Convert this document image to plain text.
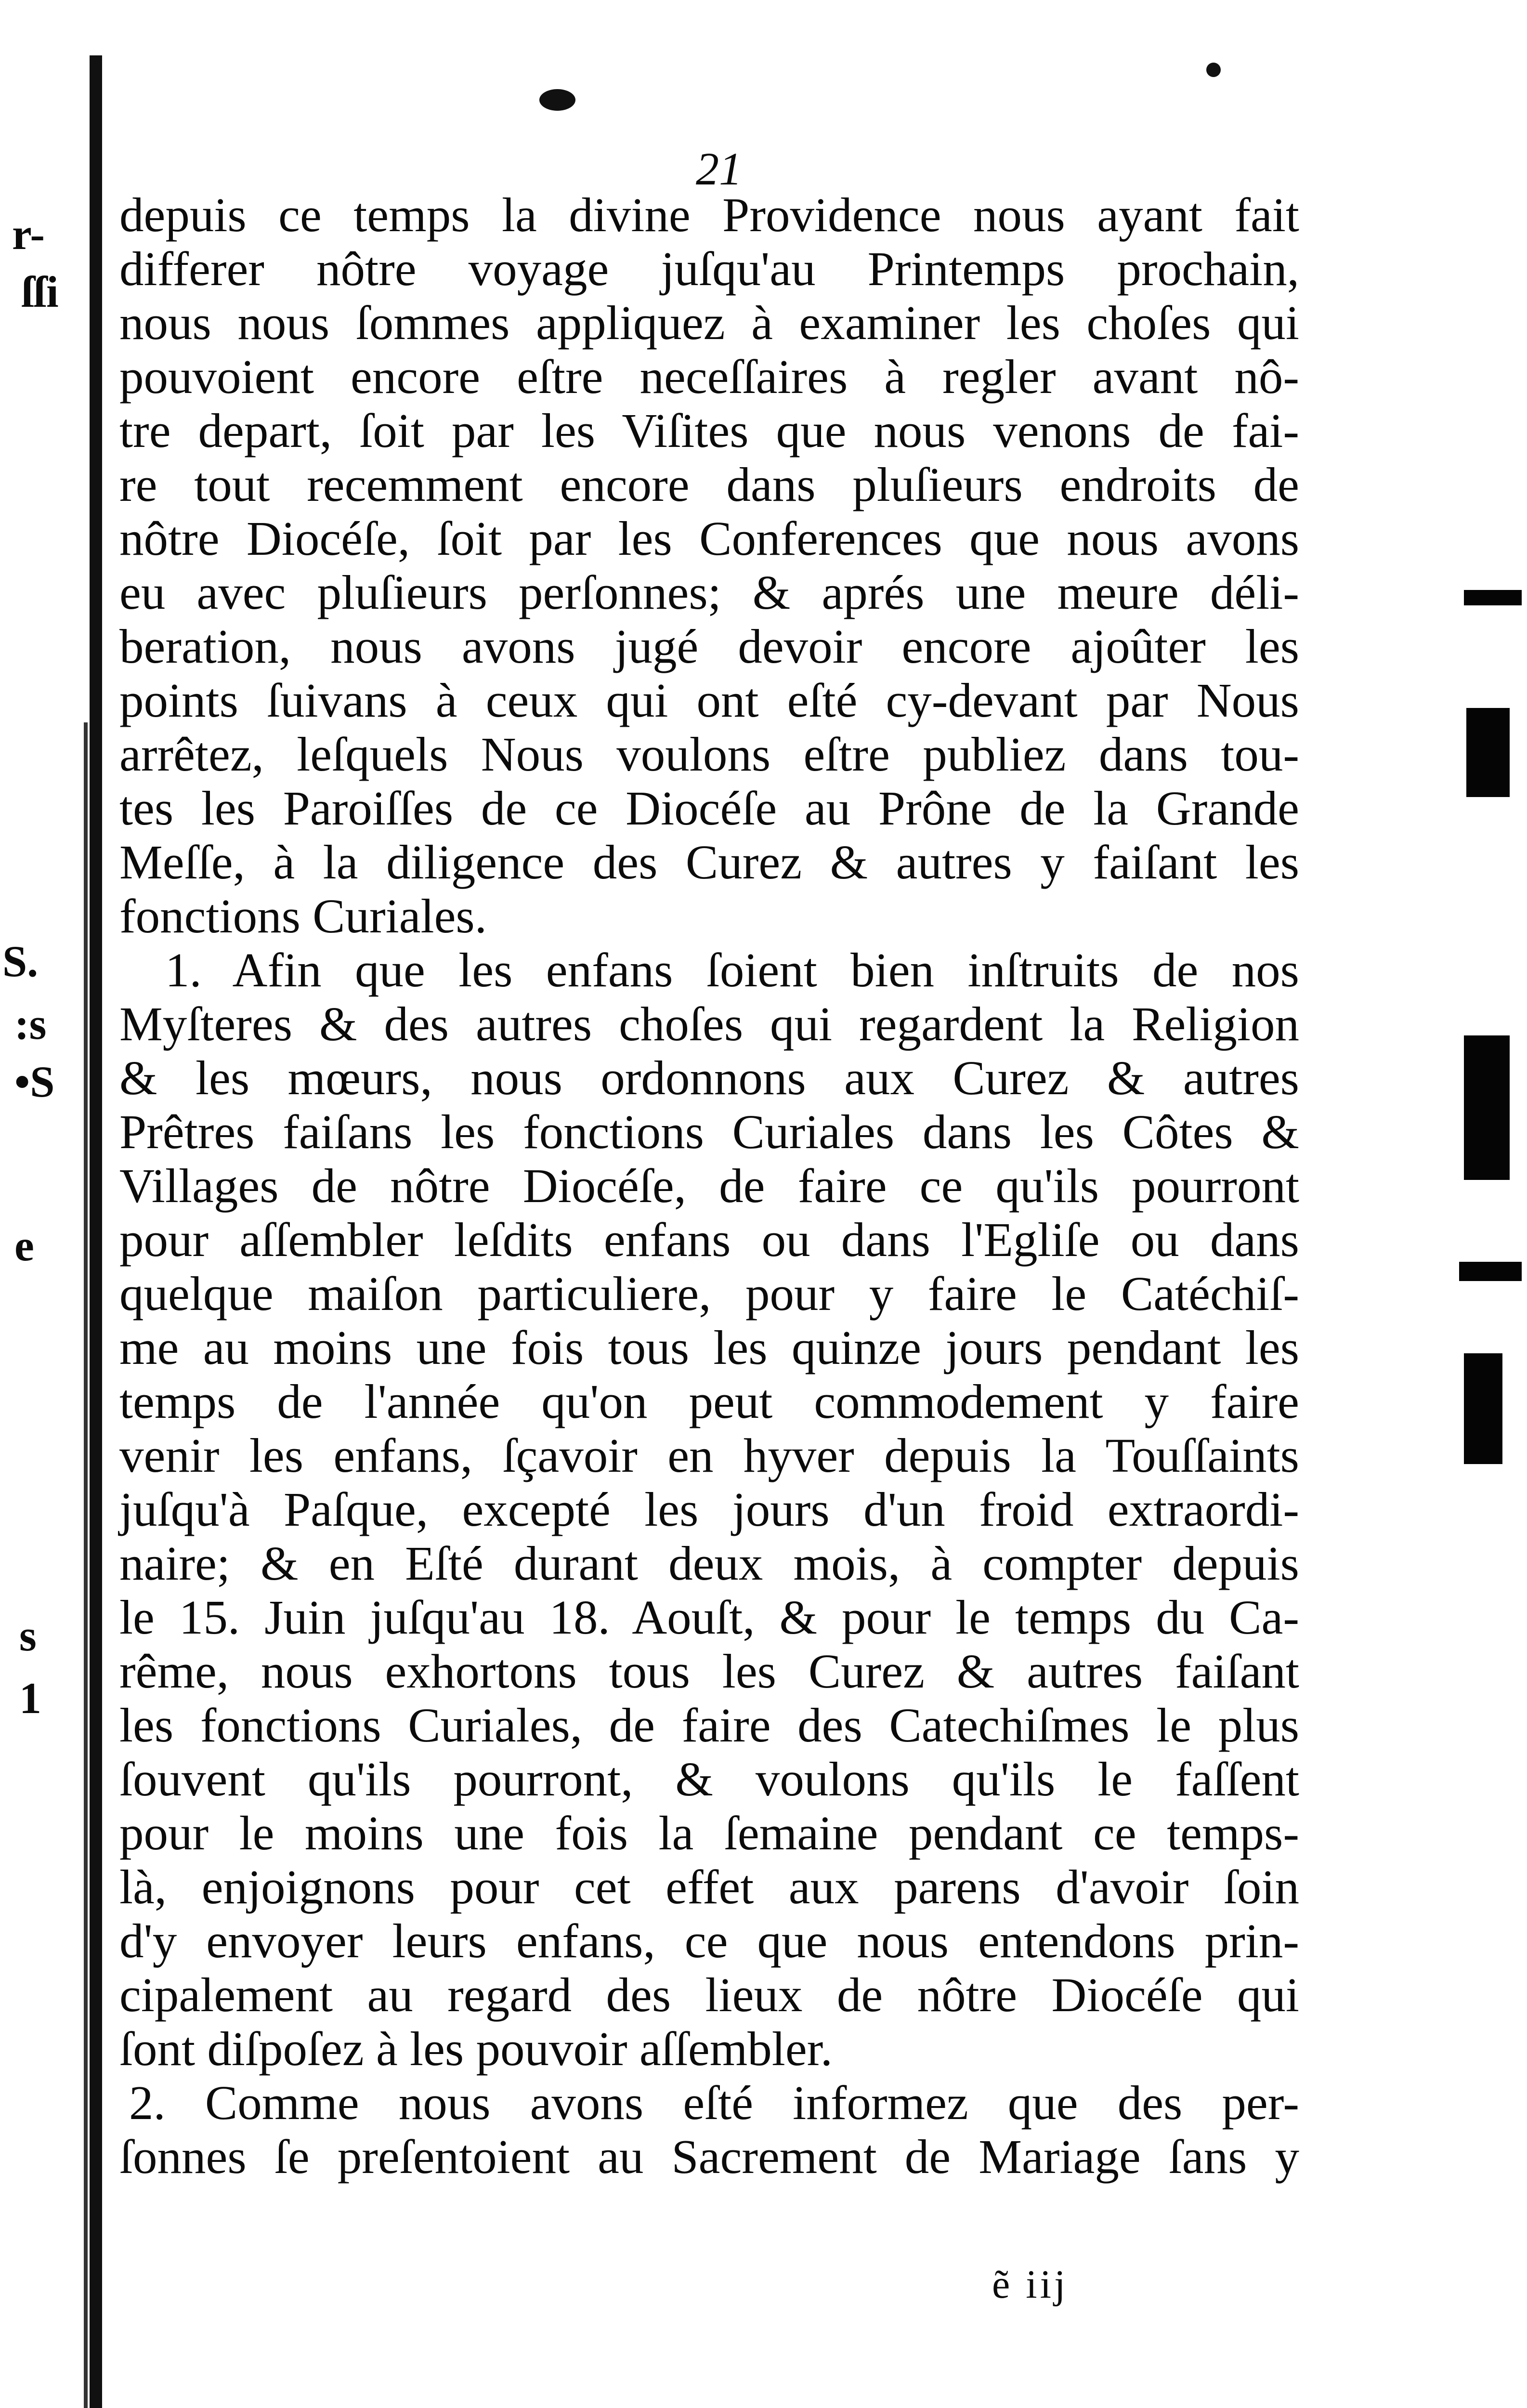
r-
ſſi
S.
:s
•S
e
s
1
21
depuis ce temps la divine Providence nous ayant fait
differer nôtre voyage juſqu'au Printemps prochain,
nous nous ſommes appliquez à examiner les choſes qui
pouvoient encore eſtre neceſſaires à regler avant nô-
tre depart, ſoit par les Viſites que nous venons de fai-
re tout recemment encore dans pluſieurs endroits de
nôtre Diocéſe, ſoit par les Conferences que nous avons
eu avec pluſieurs perſonnes; & aprés une meure déli-
beration, nous avons jugé devoir encore ajoûter les
points ſuivans à ceux qui ont eſté cy-devant par Nous
arrêtez, leſquels Nous voulons eſtre publiez dans tou-
tes les Paroiſſes de ce Diocéſe au Prône de la Grande
Meſſe, à la diligence des Curez & autres y faiſant les
fonctions Curiales.
1. Afin que les enfans ſoient bien inſtruits de nos
Myſteres & des autres choſes qui regardent la Religion
& les mœurs, nous ordonnons aux Curez & autres
Prêtres faiſans les fonctions Curiales dans les Côtes &
Villages de nôtre Diocéſe, de faire ce qu'ils pourront
pour aſſembler leſdits enfans ou dans l'Egliſe ou dans
quelque maiſon particuliere, pour y faire le Catéchiſ-
me au moins une fois tous les quinze jours pendant les
temps de l'année qu'on peut commodement y faire
venir les enfans, ſçavoir en hyver depuis la Touſſaints
juſqu'à Paſque, excepté les jours d'un froid extraordi-
naire; & en Eſté durant deux mois, à compter depuis
le 15. Juin juſqu'au 18. Aouſt, & pour le temps du Ca-
rême, nous exhortons tous les Curez & autres faiſant
les fonctions Curiales, de faire des Catechiſmes le plus
ſouvent qu'ils pourront, & voulons qu'ils le faſſent
pour le moins une fois la ſemaine pendant ce temps-
là, enjoignons pour cet effet aux parens d'avoir ſoin
d'y envoyer leurs enfans, ce que nous entendons prin-
cipalement au regard des lieux de nôtre Diocéſe qui
ſont diſpoſez à les pouvoir aſſembler.
2. Comme nous avons eſté informez que des per-
ſonnes ſe preſentoient au Sacrement de Mariage ſans y
ẽ iij
